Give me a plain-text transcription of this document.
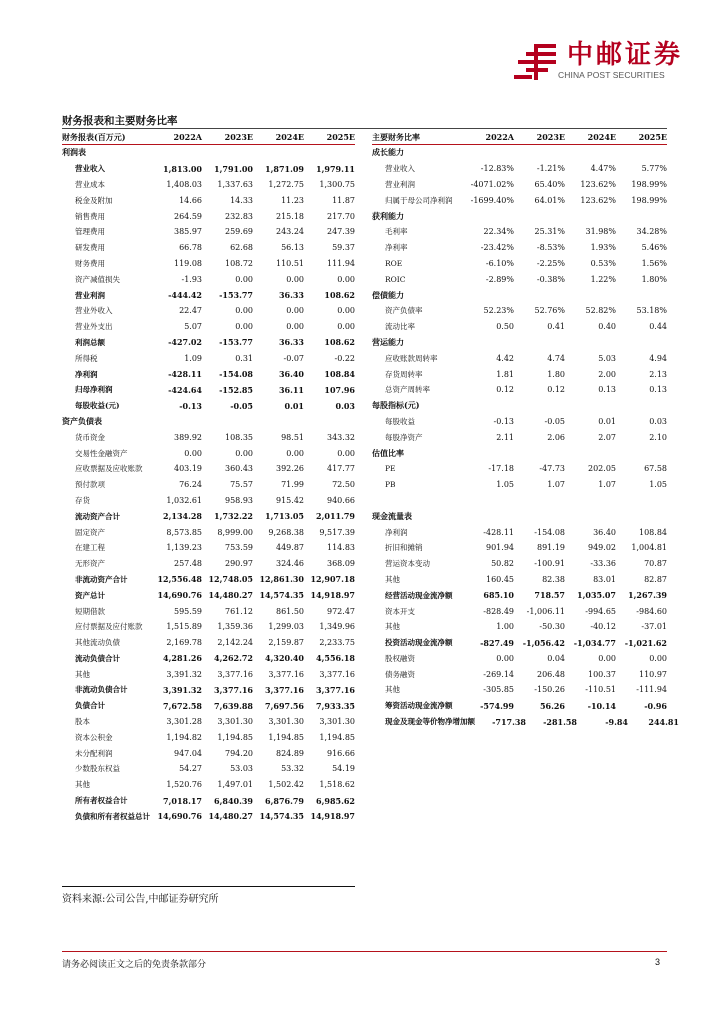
中邮证券
CHINA POST SECURITIES
财务报表和主要财务比率
财务报表(百万元)	2022A	2023E	2024E	2025E
利润表
营业收入	1,813.00	1,791.00	1,871.09	1,979.11
营业成本	1,408.03	1,337.63	1,272.75	1,300.75
税金及附加	14.66	14.33	11.23	11.87
销售费用	264.59	232.83	215.18	217.70
管理费用	385.97	259.69	243.24	247.39
研发费用	66.78	62.68	56.13	59.37
财务费用	119.08	108.72	110.51	111.94
资产减值损失	-1.93	0.00	0.00	0.00
营业利润	-444.42	-153.77	36.33	108.62
营业外收入	22.47	0.00	0.00	0.00
营业外支出	5.07	0.00	0.00	0.00
利润总额	-427.02	-153.77	36.33	108.62
所得税	1.09	0.31	-0.07	-0.22
净利润	-428.11	-154.08	36.40	108.84
归母净利润	-424.64	-152.85	36.11	107.96
每股收益(元)	-0.13	-0.05	0.01	0.03
资产负债表
货币资金	389.92	108.35	98.51	343.32
交易性金融资产	0.00	0.00	0.00	0.00
应收票据及应收账款	403.19	360.43	392.26	417.77
预付款项	76.24	75.57	71.99	72.50
存货	1,032.61	958.93	915.42	940.66
流动资产合计	2,134.28	1,732.22	1,713.05	2,011.79
固定资产	8,573.85	8,999.00	9,268.38	9,517.39
在建工程	1,139.23	753.59	449.87	114.83
无形资产	257.48	290.97	324.46	368.09
非流动资产合计	12,556.48 12,748.05 12,861.30 12,907.18
资产总计	14,690.76 14,480.27 14,574.35 14,918.97
短期借款	595.59	761.12	861.50	972.47
应付票据及应付账款	1,515.89	1,359.36	1,299.03	1,349.96
其他流动负债	2,169.78	2,142.24	2,159.87	2,233.75
流动负债合计	4,281.26	4,262.72	4,320.40	4,556.18
其他	3,391.32	3,377.16	3,377.16	3,377.16
非流动负债合计	3,391.32	3,377.16	3,377.16	3,377.16
负债合计	7,672.58	7,639.88	7,697.56	7,933.35
股本	3,301.28	3,301.30	3,301.30	3,301.30
资本公积金	1,194.82	1,194.85	1,194.85	1,194.85
未分配利润	947.04	794.20	824.89	916.66
少数股东权益	54.27	53.03	53.32	54.19
其他	1,520.76	1,497.01	1,502.42	1,518.62
所有者权益合计	7,018.17	6,840.39	6,876.79	6,985.62
负债和所有者权益总计 14,690.76 14,480.27 14,574.35 14,918.97
主要财务比率	2022A	2023E	2024E	2025E
成长能力
营业收入	-12.83%	-1.21%	4.47%	5.77%
营业利润	-4071.02%	65.40%	123.62%	198.99%
归属于母公司净利润	-1699.40%	64.01%	123.62%	198.99%
获利能力
毛利率	22.34%	25.31%	31.98%	34.28%
净利率	-23.42%	-8.53%	1.93%	5.46%
ROE	-6.10%	-2.25%	0.53%	1.56%
ROIC	-2.89%	-0.38%	1.22%	1.80%
偿债能力
资产负债率	52.23%	52.76%	52.82%	53.18%
流动比率	0.50	0.41	0.40	0.44
营运能力
应收账款周转率	4.42	4.74	5.03	4.94
存货周转率	1.81	1.80	2.00	2.13
总资产周转率	0.12	0.12	0.13	0.13
每股指标(元)
每股收益	-0.13	-0.05	0.01	0.03
每股净资产	2.11	2.06	2.07	2.10
估值比率
PE	-17.18	-47.73	202.05	67.58
PB	1.05	1.07	1.07	1.05
现金流量表
净利润	-428.11	-154.08	36.40	108.84
折旧和摊销	901.94	891.19	949.02	1,004.81
营运资本变动	50.82	-100.91	-33.36	70.87
其他	160.45	82.38	83.01	82.87
经营活动现金流净额	685.10	718.57	1,035.07	1,267.39
资本开支	-828.49	-1,006.11	-994.65	-984.60
其他	1.00	-50.30	-40.12	-37.01
投资活动现金流净额	-827.49	-1,056.42	-1,034.77	-1,021.62
股权融资	0.00	0.04	0.00	0.00
债务融资	-269.14	206.48	100.37	110.97
其他	-305.85	-150.26	-110.51	-111.94
筹资活动现金流净额	-574.99	56.26	-10.14	-0.96
现金及现金等价物净增加额	-717.38	-281.58	-9.84	244.81
资料来源:公司公告,中邮证券研究所
请务必阅读正文之后的免责条款部分	3
